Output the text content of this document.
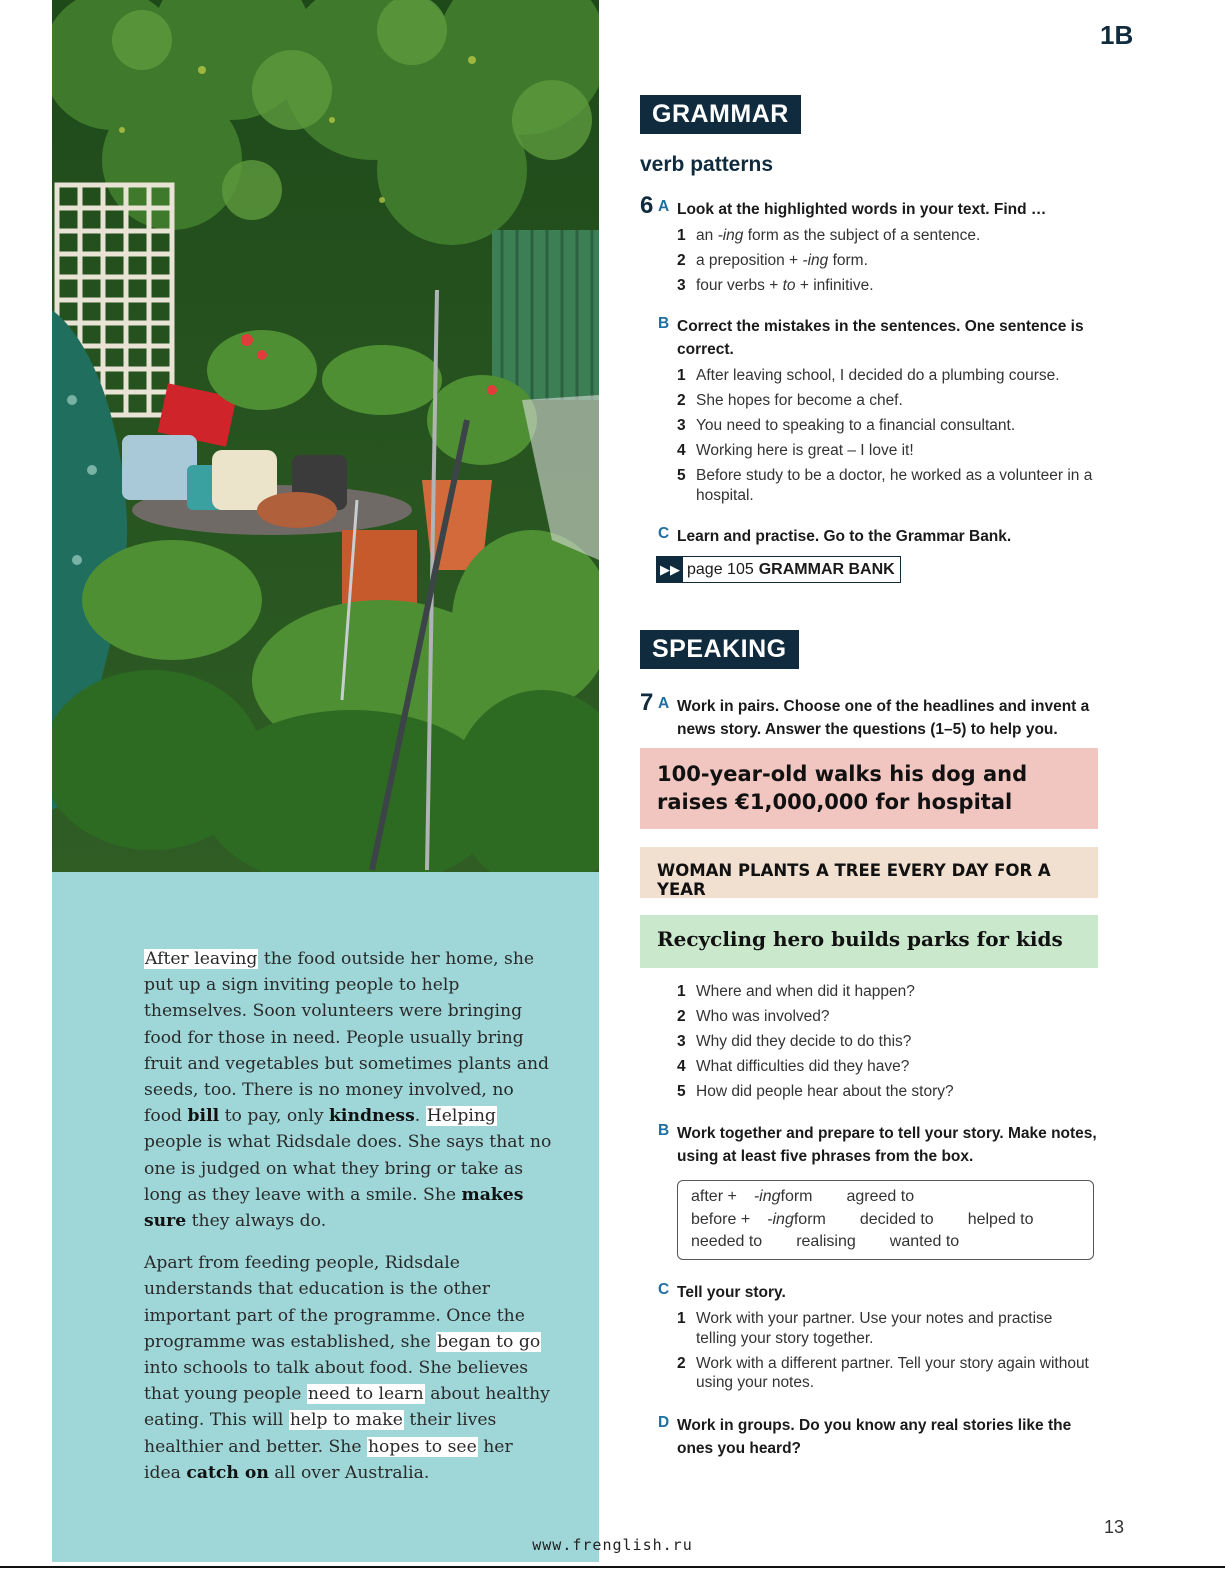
After leaving the food outside her home, she put up a sign inviting people to help themselves. Soon volunteers were bringing food for those in need. People usually bring fruit and vegetables but sometimes plants and seeds, too. There is no money involved, no food bill to pay, only kindness. Helping people is what Ridsdale does. She says that no one is judged on what they bring or take as long as they leave with a smile. She makes sure they always do.

Apart from feeding people, Ridsdale understands that education is the other important part of the programme. Once the programme was established, she began to go into schools to talk about food. She believes that young people need to learn about healthy eating. This will help to make their lives healthier and better. She hopes to see her idea catch on all over Australia.

1B
GRAMMAR
verb patterns
6 A Look at the highlighted words in your text. Find …
1 an -ing form as the subject of a sentence.
2 a preposition + -ing form.
3 four verbs + to + infinitive.
B Correct the mistakes in the sentences. One sentence is correct.
1 After leaving school, I decided do a plumbing course.
2 She hopes for become a chef.
3 You need to speaking to a financial consultant.
4 Working here is great – I love it!
5 Before study to be a doctor, he worked as a volunteer in a hospital.
C Learn and practise. Go to the Grammar Bank.
▶▶ page 105 GRAMMAR BANK
SPEAKING
7 A Work in pairs. Choose one of the headlines and invent a news story. Answer the questions (1–5) to help you.
100-year-old walks his dog and raises €1,000,000 for hospital
WOMAN PLANTS A TREE EVERY DAY FOR A YEAR
Recycling hero builds parks for kids
1 Where and when did it happen?
2 Who was involved?
3 Why did they decide to do this?
4 What difficulties did they have?
5 How did people hear about the story?
B Work together and prepare to tell your story. Make notes, using at least five phrases from the box.
after +-ingform agreed tobefore +-ingform decided to helped toneeded to realising wanted to
C Tell your story.
1 Work with your partner. Use your notes and practise telling your story together.
2 Work with a different partner. Tell your story again without using your notes.
D Work in groups. Do you know any real stories like the ones you heard?
13
www.frenglish.ru
